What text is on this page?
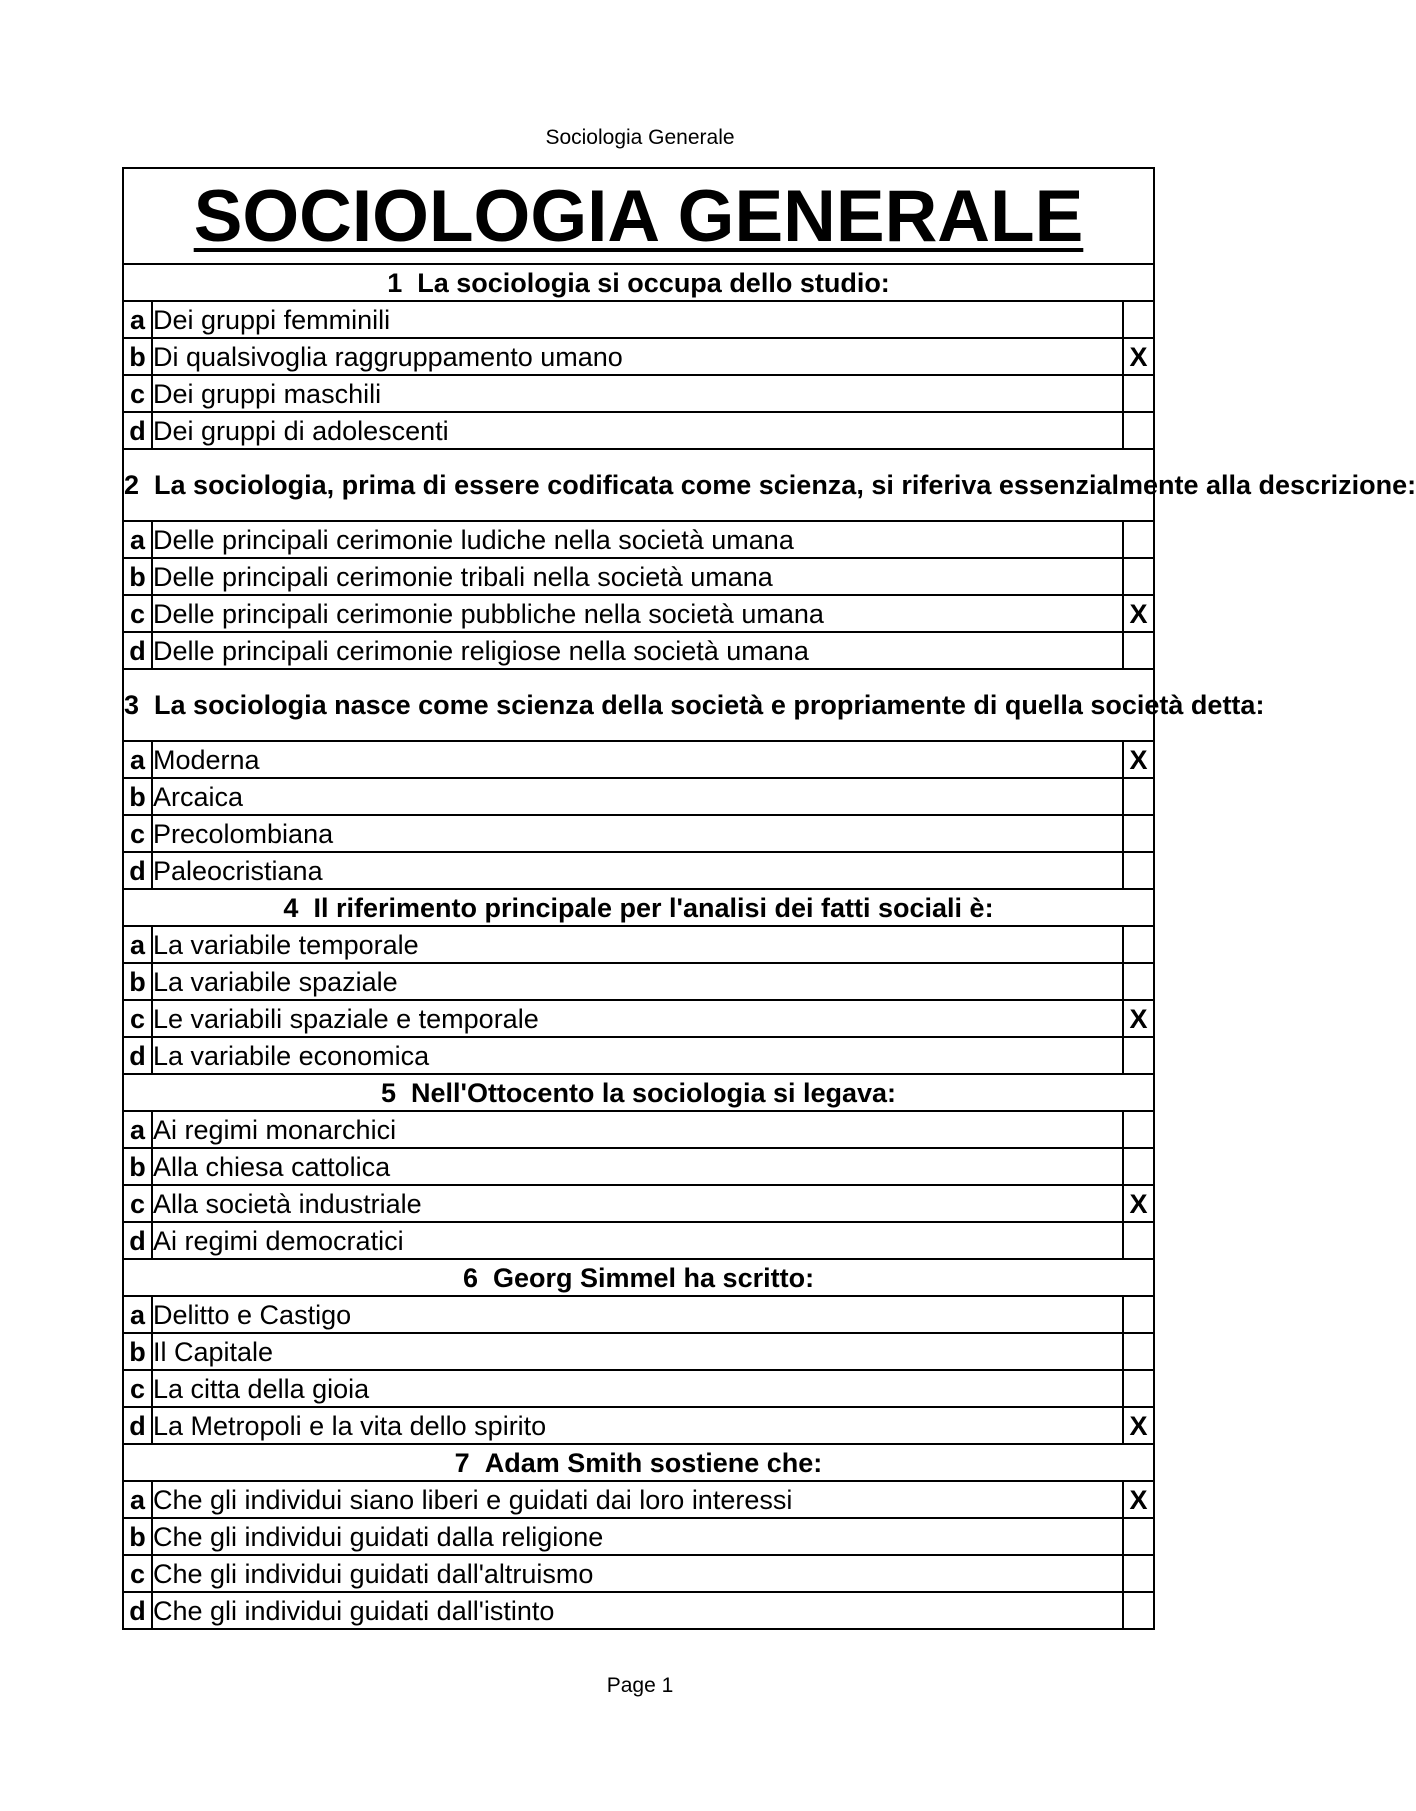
Sociologia Generale
SOCIOLOGIA GENERALE		
1 La sociologia si occupa dello studio:		
a	Dei gruppi femminili	
b	Di qualsivoglia raggruppamento umano	X
c	Dei gruppi maschili	
d	Dei gruppi di adolescenti	
2 La sociologia, prima di essere codificata come scienza, si riferiva essenzialmente alla descrizione:		
a	Delle principali cerimonie ludiche nella società umana	
b	Delle principali cerimonie tribali nella società umana	
c	Delle principali cerimonie pubbliche nella società umana	X
d	Delle principali cerimonie religiose nella società umana	
3 La sociologia nasce come scienza della società e propriamente di quella società detta:		
a	Moderna	X
b	Arcaica	
c	Precolombiana	
d	Paleocristiana	
4 Il riferimento principale per l'analisi dei fatti sociali è:		
a	La variabile temporale	
b	La variabile spaziale	
c	Le variabili spaziale e temporale	X
d	La variabile economica	
5 Nell'Ottocento la sociologia si legava:		
a	Ai regimi monarchici	
b	Alla chiesa cattolica	
c	Alla società industriale	X
d	Ai regimi democratici	
6 Georg Simmel ha scritto:		
a	Delitto e Castigo	
b	Il Capitale	
c	La citta della gioia	
d	La Metropoli e la vita dello spirito	X
7 Adam Smith sostiene che:		
a	Che gli individui siano liberi e guidati dai loro interessi	X
b	Che gli individui guidati dalla religione	
c	Che gli individui guidati dall'altruismo	
d	Che gli individui guidati dall'istinto	
Page 1
